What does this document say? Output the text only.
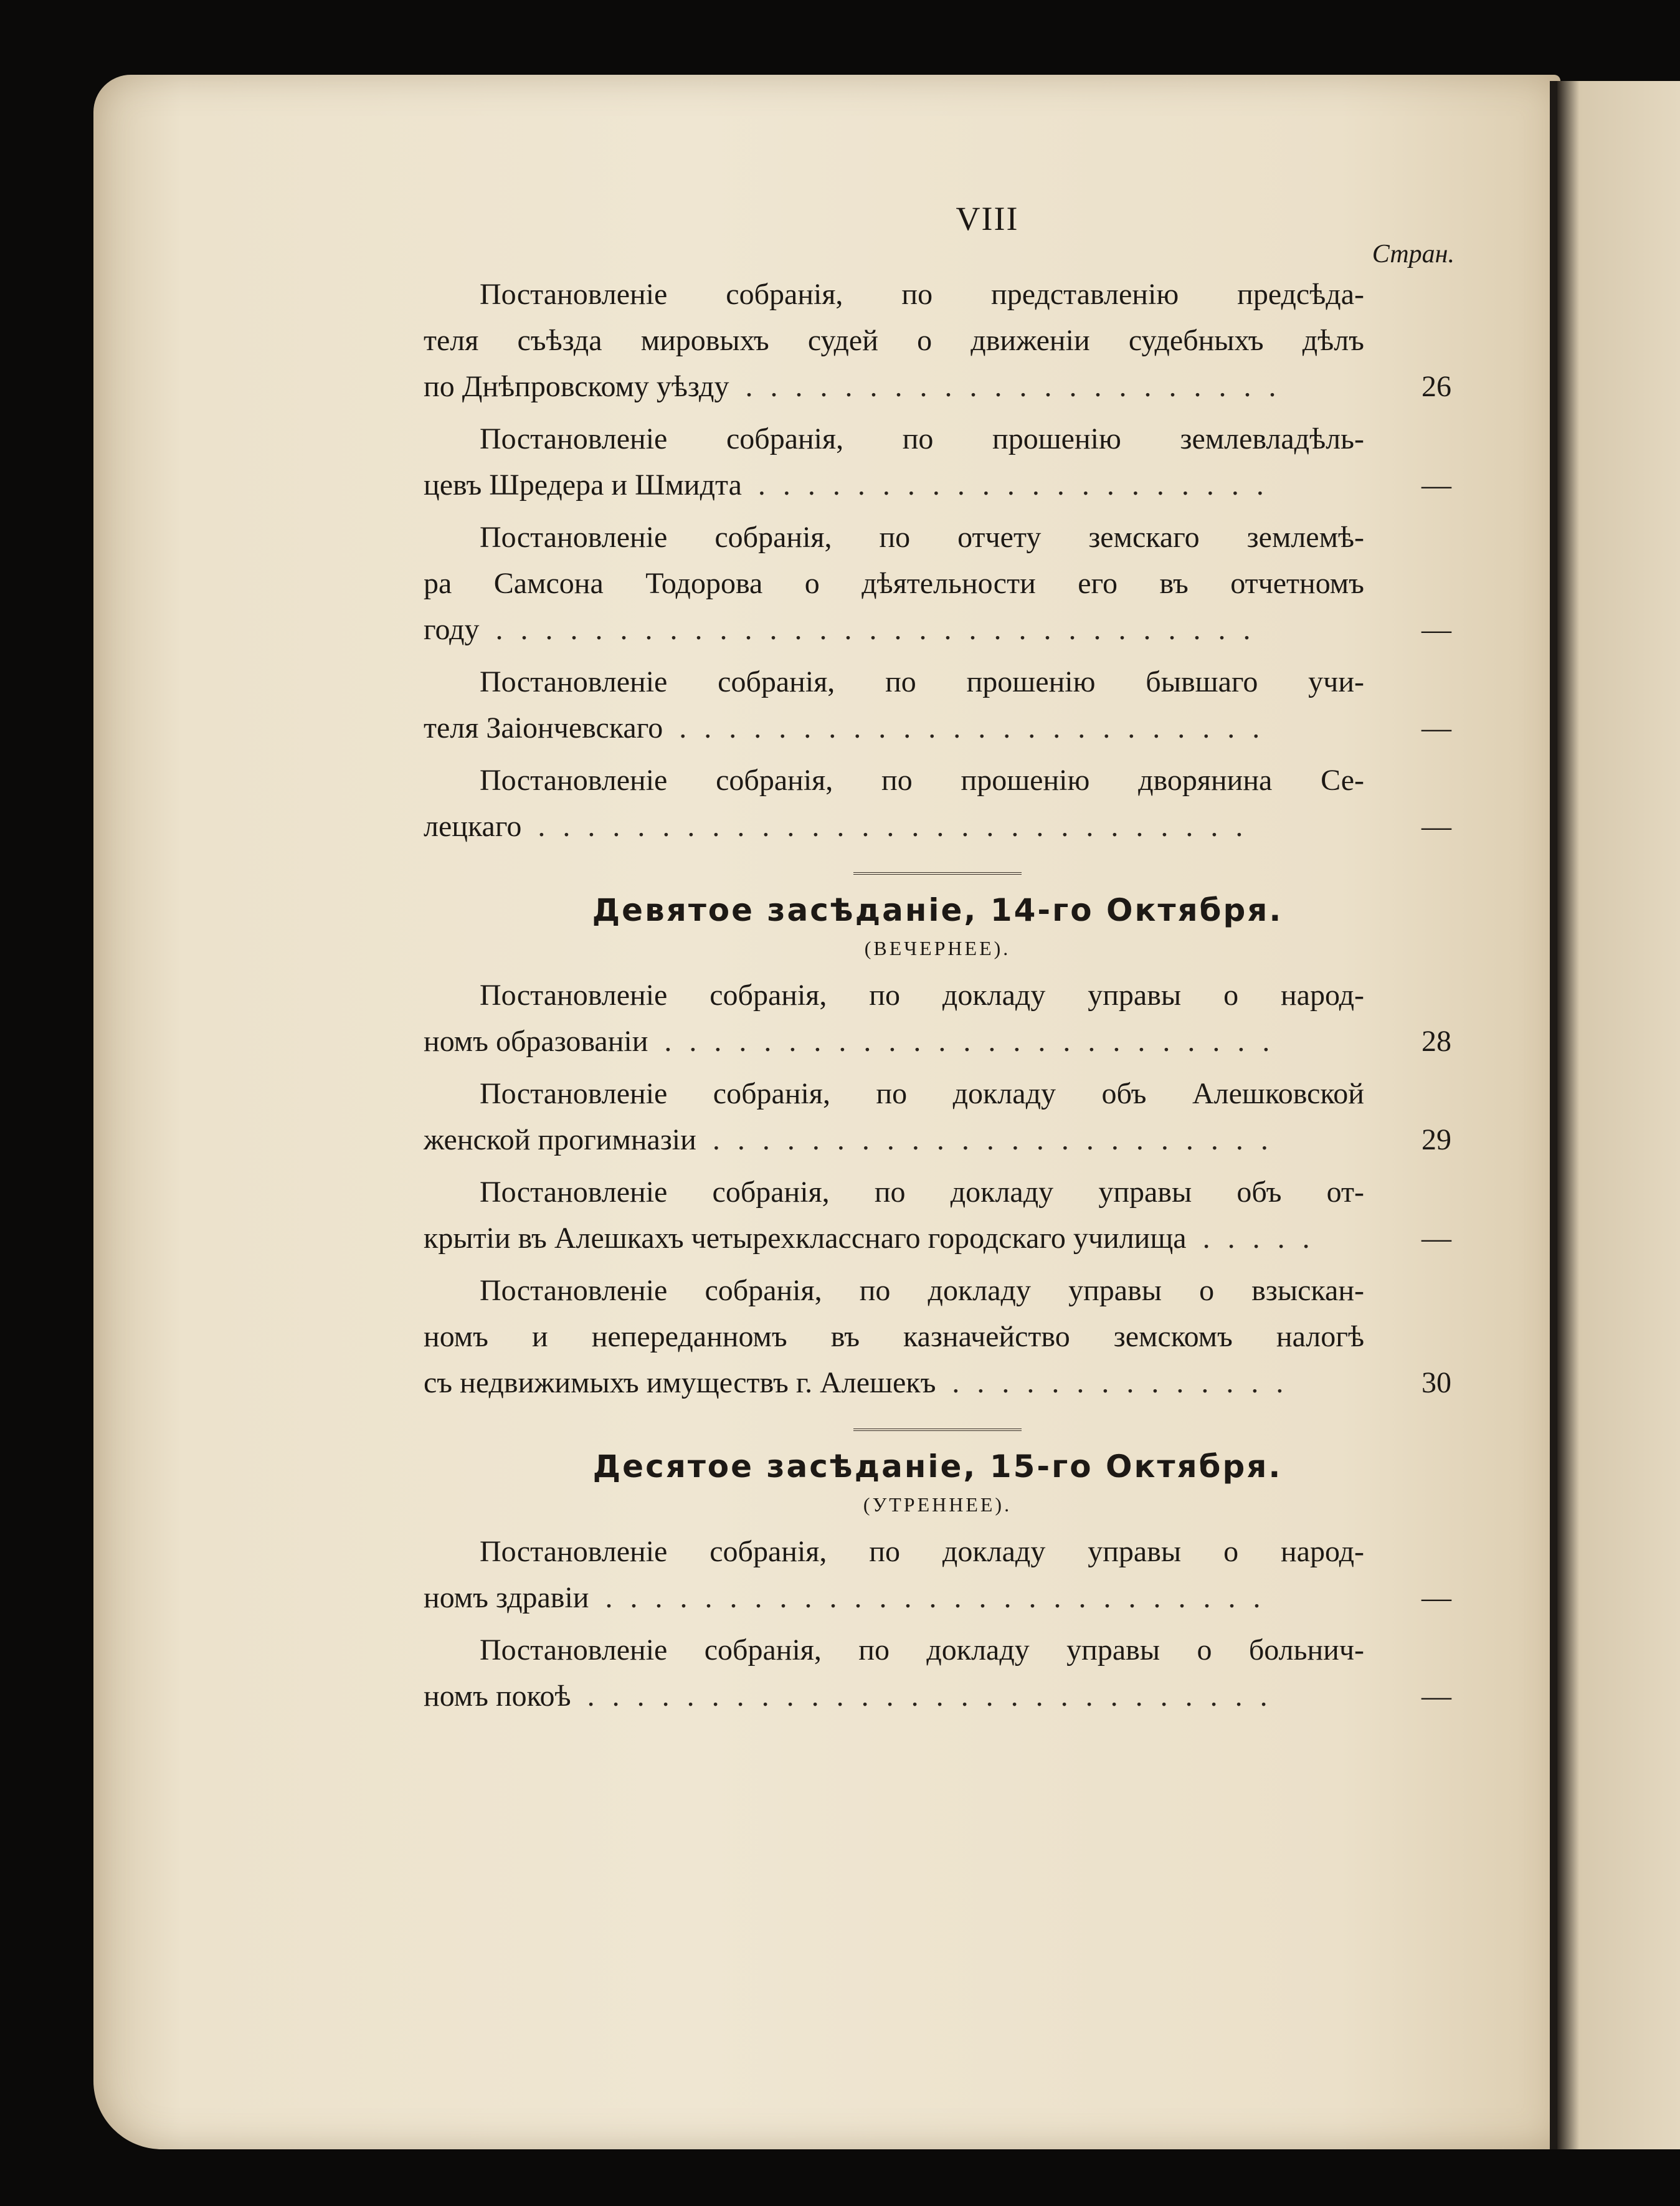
VIII
Стран.
Постановленіе собранія, по представленію предсѣда-
теля съѣзда мировыхъ судей о движеніи судебныхъ дѣлъ
по Днѣпровскому уѣзду ......................	26
Постановленіе собранія, по прошенію землевладѣль-
цевъ Шредера и Шмидта .....................	—
Постановленіе собранія, по отчету земскаго землемѣ-
ра Самсона Тодорова о дѣятельности его въ отчетномъ
году ...............................	—
Постановленіе собранія, по прошенію бывшаго учи-
теля Заіончевскаго ........................	—
Постановленіе собранія, по прошенію дворянина Се-
лецкаго .............................	—
Девятое засѣданіе, 14-го Октября.
(ВЕЧЕРНЕЕ).
Постановленіе собранія, по докладу управы о народ-
номъ образованіи .........................	28
Постановленіе собранія, по докладу объ Алешковской
женской прогимназіи .......................	29
Постановленіе собранія, по докладу управы объ от-
крытіи въ Алешкахъ четырехкласснаго городскаго училища .....	—
Постановленіе собранія, по докладу управы о взыскан-
номъ и непереданномъ въ казначейство земскомъ налогѣ
съ недвижимыхъ имуществъ г. Алешекъ ..............	30
Десятое засѣданіе, 15-го Октября.
(УТРЕННЕЕ).
Постановленіе собранія, по докладу управы о народ-
номъ здравіи ...........................	—
Постановленіе собранія, по докладу управы о больнич-
номъ покоѣ ............................	—
